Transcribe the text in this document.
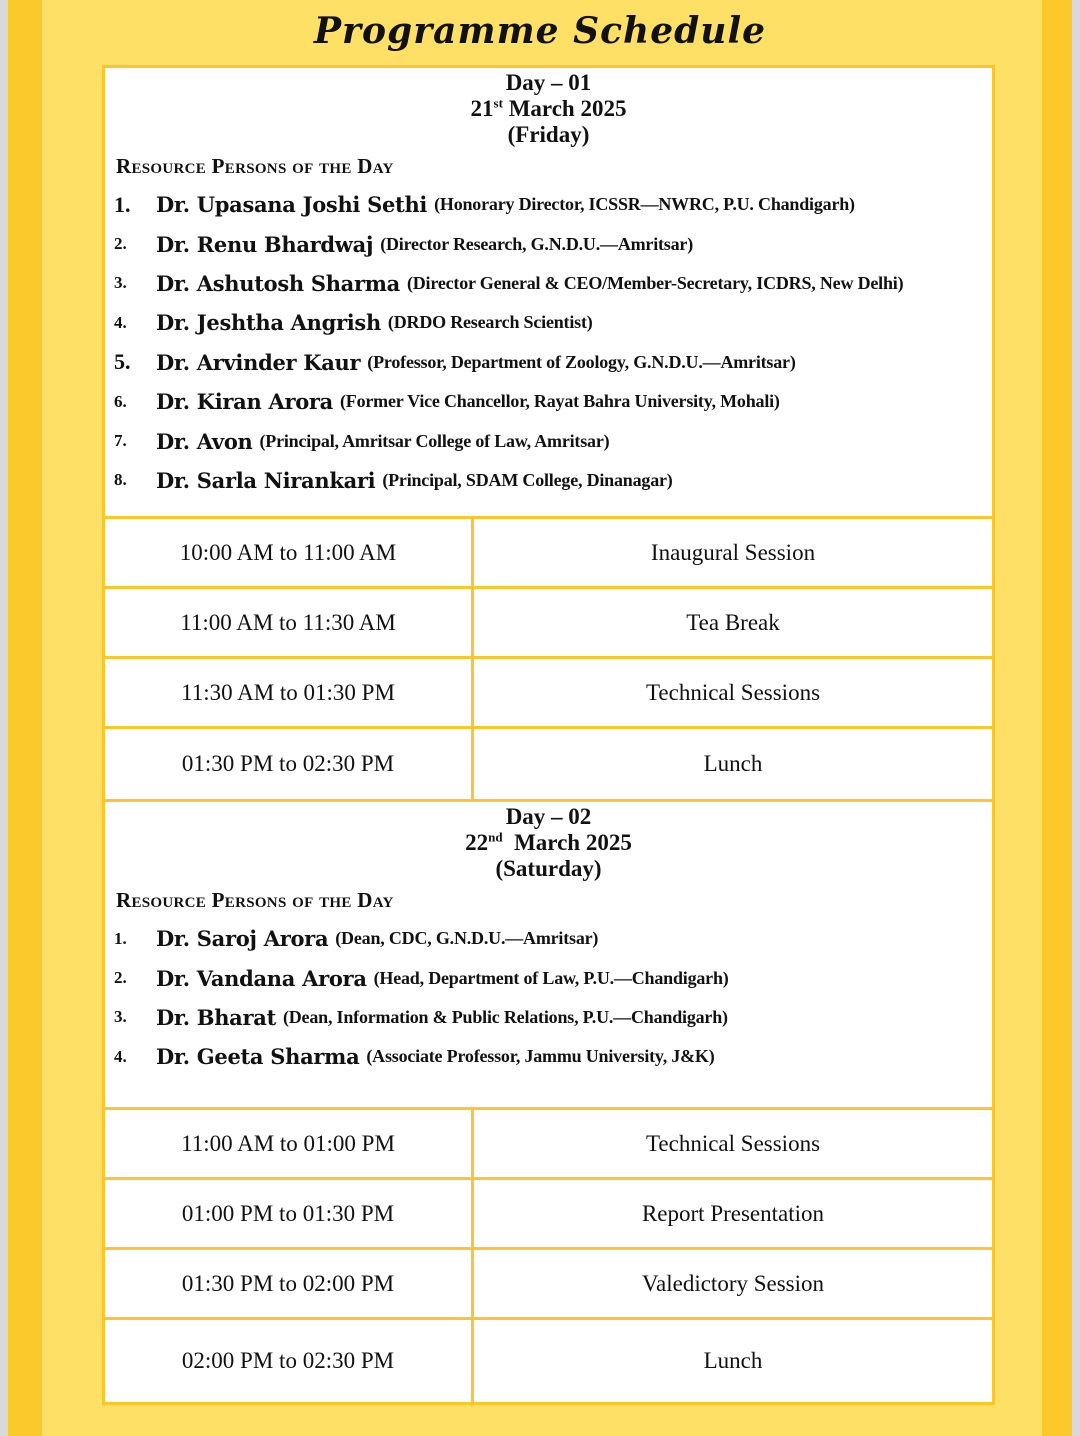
Programme Schedule
Day – 01
21st March 2025
(Friday)
Resource Persons of the Day
1.	Dr. Upasana Joshi Sethi (Honorary Director, ICSSR—NWRC, P.U. Chandigarh)
2.	Dr. Renu Bhardwaj (Director Research, G.N.D.U.—Amritsar)
3.	Dr. Ashutosh Sharma (Director General & CEO/Member-Secretary, ICDRS, New Delhi)
4.	Dr. Jeshtha Angrish (DRDO Research Scientist)
5.	Dr. Arvinder Kaur (Professor, Department of Zoology, G.N.D.U.—Amritsar)
6.	Dr. Kiran Arora (Former Vice Chancellor, Rayat Bahra University, Mohali)
7.	Dr. Avon (Principal, Amritsar College of Law, Amritsar)
8.	Dr. Sarla Nirankari (Principal, SDAM College, Dinanagar)
10:00 AM to 11:00 AM	Inaugural Session
11:00 AM to 11:30 AM	Tea Break
11:30 AM to 01:30 PM	Technical Sessions
01:30 PM to 02:30 PM	Lunch
Day – 02
22nd  March 2025
(Saturday)
Resource Persons of the Day
1.	Dr. Saroj Arora (Dean, CDC, G.N.D.U.—Amritsar)
2.	Dr. Vandana Arora (Head, Department of Law, P.U.—Chandigarh)
3.	Dr. Bharat (Dean, Information & Public Relations, P.U.—Chandigarh)
4.	Dr. Geeta Sharma (Associate Professor, Jammu University, J&K)
11:00 AM to 01:00 PM	Technical Sessions
01:00 PM to 01:30 PM	Report Presentation
01:30 PM to 02:00 PM	Valedictory Session
02:00 PM to 02:30 PM	Lunch
